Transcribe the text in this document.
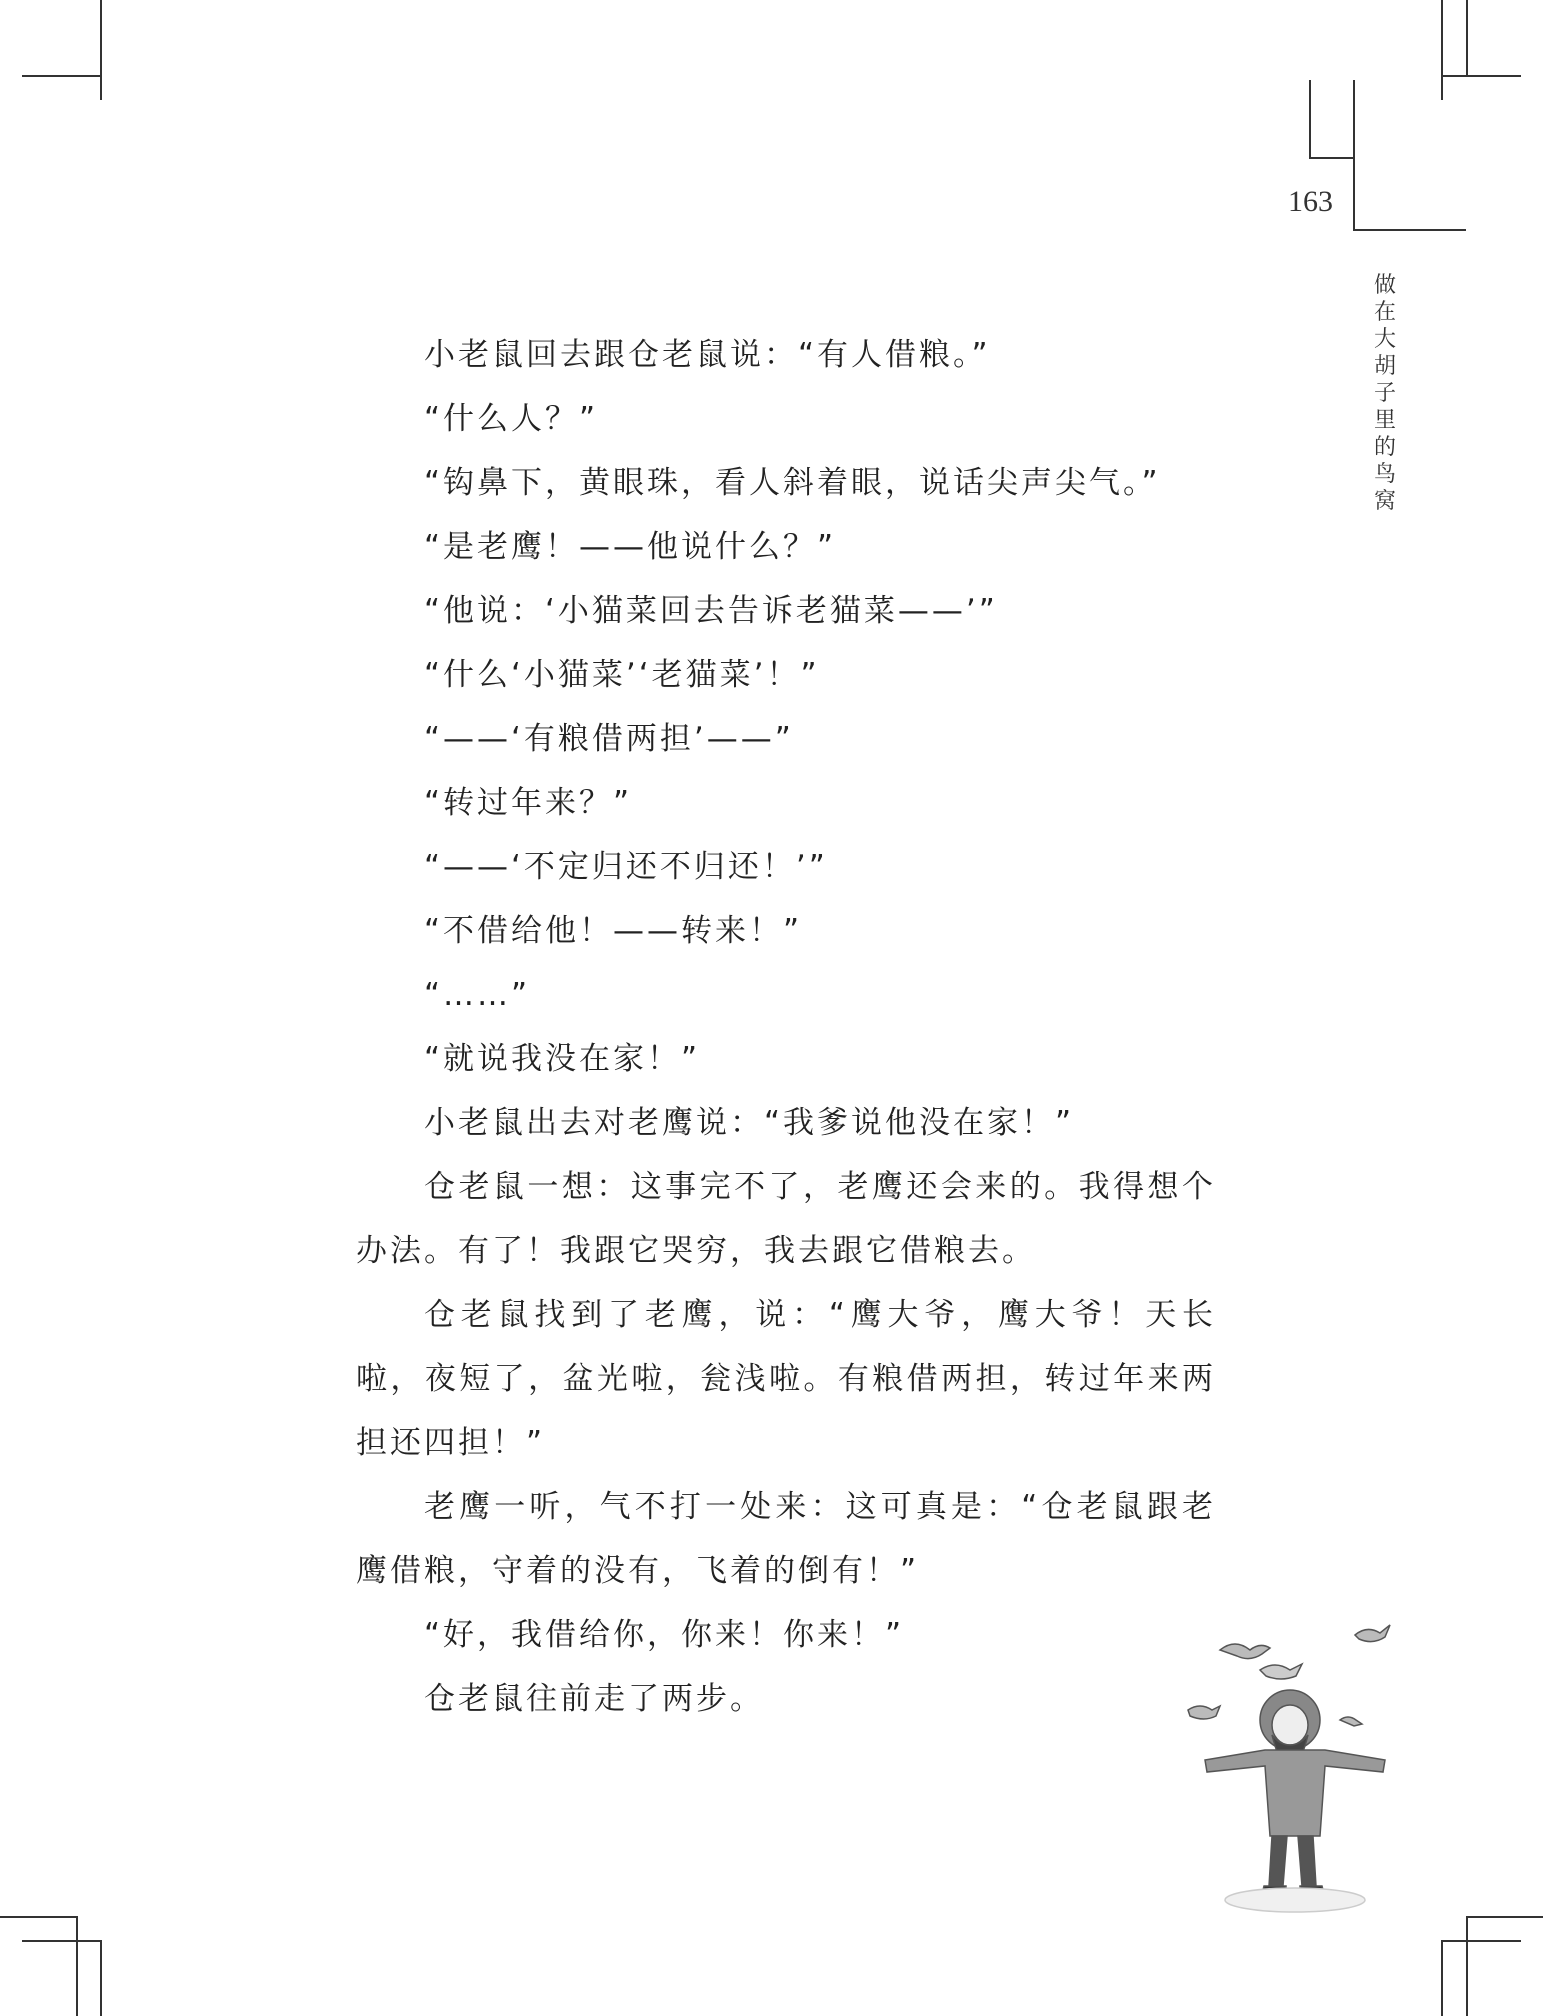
163
做
在
大
胡
子
里
的
鸟
窝

小老鼠回去跟仓老鼠说：“有人借粮。”

“什么人？”

“钩鼻下，黄眼珠，看人斜着眼，说话尖声尖气。”

“是老鹰！——他说什么？”

“他说：‘小猫菜回去告诉老猫菜——’”

“什么‘小猫菜’‘老猫菜’！”

“——‘有粮借两担’——”

“转过年来？”

“——‘不定归还不归还！’”

“不借给他！——转来！”

“……”

“就说我没在家！”

小老鼠出去对老鹰说：“我爹说他没在家！”

仓老鼠一想：这事完不了，老鹰还会来的。我得想个办法。有了！我跟它哭穷，我去跟它借粮去。

仓老鼠找到了老鹰，说：“鹰大爷，鹰大爷！天长啦，夜短了，盆光啦，瓮浅啦。有粮借两担，转过年来两担还四担！”

老鹰一听，气不打一处来：这可真是：“仓老鼠跟老鹰借粮，守着的没有，飞着的倒有！”

“好，我借给你，你来！你来！”

仓老鼠往前走了两步。
